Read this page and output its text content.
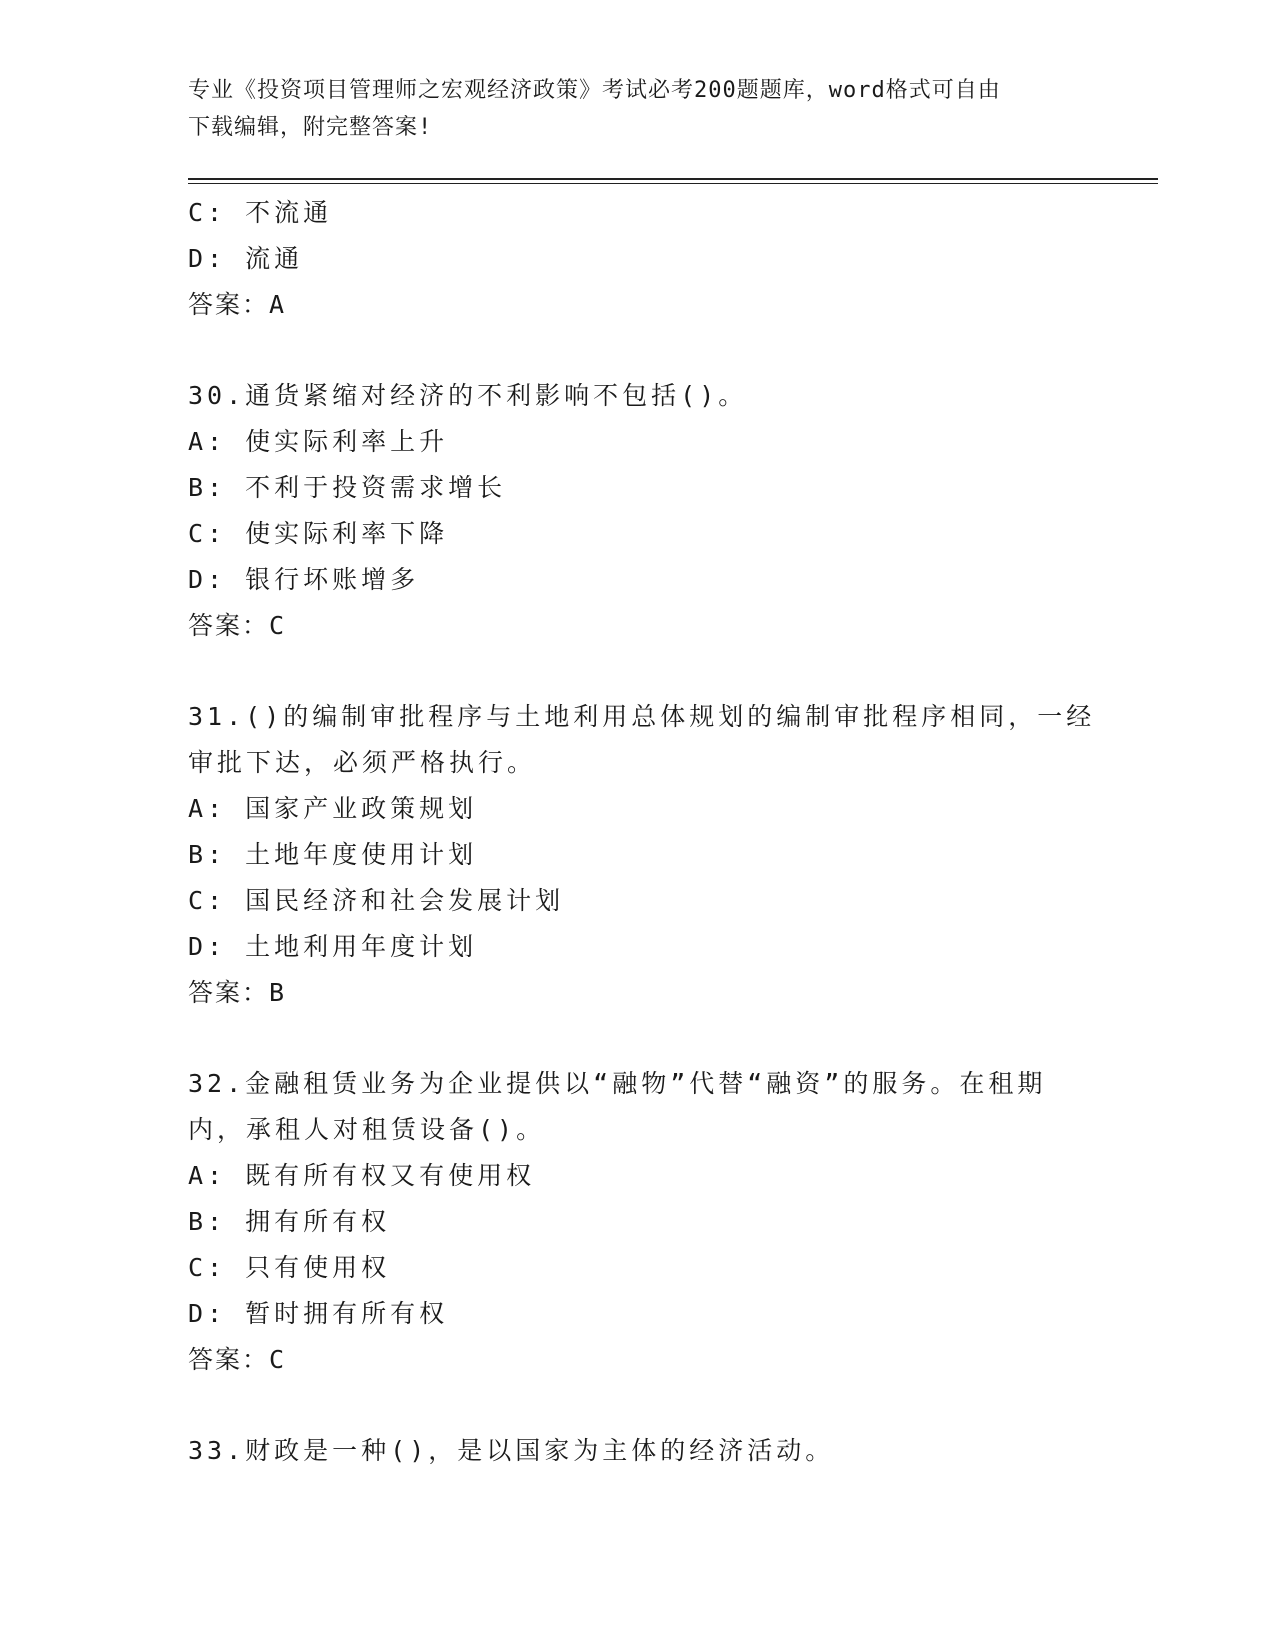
专业《投资项目管理师之宏观经济政策》考试必考200题题库，word格式可自由
下载编辑，附完整答案!
C: 不流通
D: 流通
答案：A
30.通货紧缩对经济的不利影响不包括()。
A: 使实际利率上升
B: 不利于投资需求增长
C: 使实际利率下降
D: 银行坏账增多
答案：C
31.()的编制审批程序与土地利用总体规划的编制审批程序相同，一经
审批下达，必须严格执行。
A: 国家产业政策规划
B: 土地年度使用计划
C: 国民经济和社会发展计划
D: 土地利用年度计划
答案：B
32.金融租赁业务为企业提供以“融物”代替“融资”的服务。在租期
内，承租人对租赁设备()。
A: 既有所有权又有使用权
B: 拥有所有权
C: 只有使用权
D: 暂时拥有所有权
答案：C
33.财政是一种()，是以国家为主体的经济活动。
